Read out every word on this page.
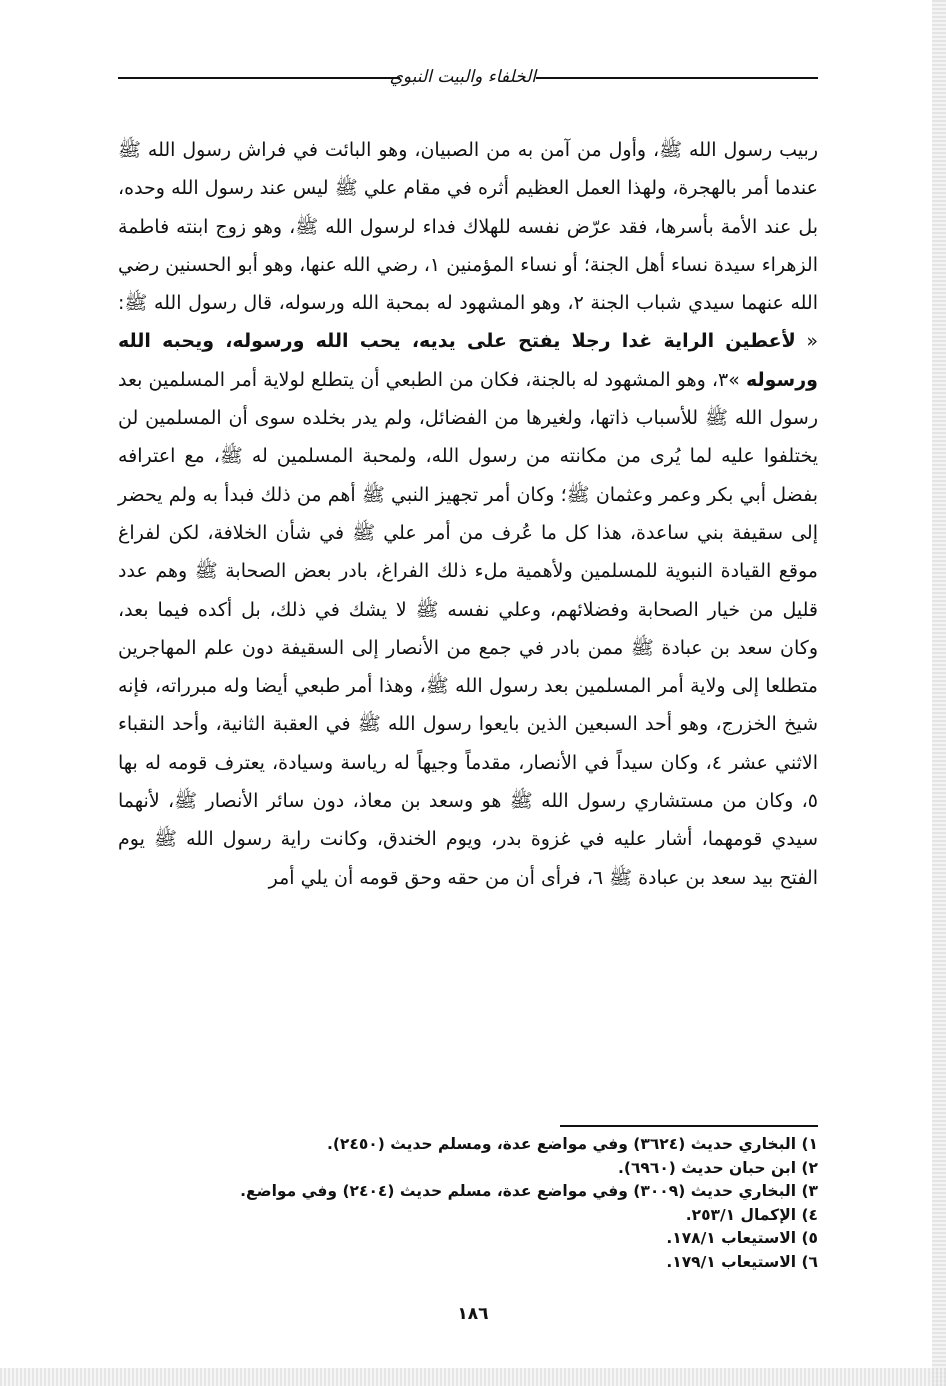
الخلفاء والبيت النبوي

ربيب رسول الله ﷺ، وأول من آمن به من الصبيان، وهو البائت في فراش رسول الله ﷺ عندما أمر بالهجرة، ولهذا العمل العظيم أثره في مقام علي ﷺ ليس عند رسول الله وحده، بل عند الأمة بأسرها، فقد عرّض نفسه للهلاك فداء لرسول الله ﷺ، وهو زوج ابنته فاطمة الزهراء سيدة نساء أهل الجنة؛ أو نساء المؤمنين ١، رضي الله عنها، وهو أبو الحسنين رضي الله عنهما سيدي شباب الجنة ٢، وهو المشهود له بمحبة الله ورسوله، قال رسول الله ﷺ: « لأعطين الراية غدا رجلا يفتح على يديه، يحب الله ورسوله، ويحبه الله ورسوله »٣، وهو المشهود له بالجنة، فكان من الطبعي أن يتطلع لولاية أمر المسلمين بعد رسول الله ﷺ للأسباب ذاتها، ولغيرها من الفضائل، ولم يدر بخلده سوى أن المسلمين لن يختلفوا عليه لما يُرى من مكانته من رسول الله، ولمحبة المسلمين له ﷺ، مع اعترافه بفضل أبي بكر وعمر وعثمان ﷺ؛ وكان أمر تجهيز النبي ﷺ أهم من ذلك فبدأ به ولم يحضر إلى سقيفة بني ساعدة، هذا كل ما عُرف من أمر علي ﷺ في شأن الخلافة، لكن لفراغ موقع القيادة النبوية للمسلمين ولأهمية ملء ذلك الفراغ، بادر بعض الصحابة ﷺ وهم عدد قليل من خيار الصحابة وفضلائهم، وعلي نفسه ﷺ لا يشك في ذلك، بل أكده فيما بعد، وكان سعد بن عبادة ﷺ ممن بادر في جمع من الأنصار إلى السقيفة دون علم المهاجرين متطلعا إلى ولاية أمر المسلمين بعد رسول الله ﷺ، وهذا أمر طبعي أيضا وله مبرراته، فإنه شيخ الخزرج، وهو أحد السبعين الذين بايعوا رسول الله ﷺ في العقبة الثانية، وأحد النقباء الاثني عشر ٤، وكان سيداً في الأنصار، مقدماً وجيهاً له رياسة وسيادة، يعترف قومه له بها ٥، وكان من مستشاري رسول الله ﷺ هو وسعد بن معاذ، دون سائر الأنصار ﷺ، لأنهما سيدي قومهما، أشار عليه في غزوة بدر، ويوم الخندق، وكانت راية رسول الله ﷺ يوم الفتح بيد سعد بن عبادة ﷺ ٦، فرأى أن من حقه وحق قومه أن يلي أمر

١) البخاري حديث (٣٦٢٤) وفي مواضع عدة، ومسلم حديث (٢٤٥٠).
٢) ابن حبان حديث (٦٩٦٠).
٣) البخاري حديث (٣٠٠٩) وفي مواضع عدة، مسلم حديث (٢٤٠٤) وفي مواضع.
٤) الإكمال ٢٥٣/١.
٥) الاستيعاب ١٧٨/١.
٦) الاستيعاب ١٧٩/١.
١٨٦
